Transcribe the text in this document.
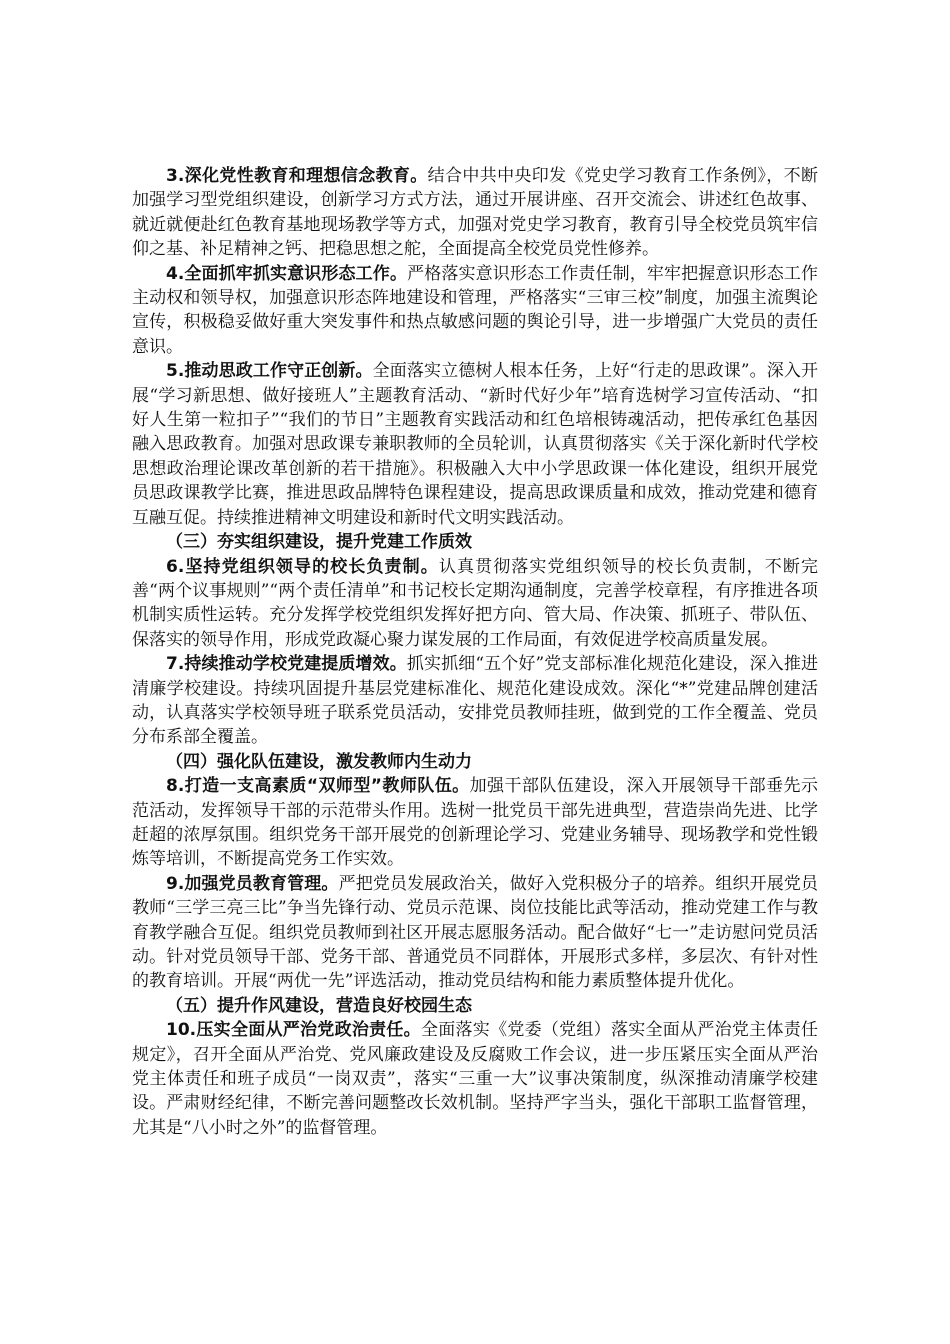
3.深化党性教育和理想信念教育。结合中共中央印发《党史学习教育工作条例》，不断加强学习型党组织建设，创新学习方式方法，通过开展讲座、召开交流会、讲述红色故事、就近就便赴红色教育基地现场教学等方式，加强对党史学习教育，教育引导全校党员筑牢信仰之基、补足精神之钙、把稳思想之舵，全面提高全校党员党性修养。

4.全面抓牢抓实意识形态工作。严格落实意识形态工作责任制，牢牢把握意识形态工作主动权和领导权，加强意识形态阵地建设和管理，严格落实“三审三校”制度，加强主流舆论宣传，积极稳妥做好重大突发事件和热点敏感问题的舆论引导，进一步增强广大党员的责任意识。

5.推动思政工作守正创新。全面落实立德树人根本任务，上好“行走的思政课”。深入开展“学习新思想、做好接班人”主题教育活动、“新时代好少年”培育选树学习宣传活动、“扣好人生第一粒扣子”“我们的节日”主题教育实践活动和红色培根铸魂活动，把传承红色基因融入思政教育。加强对思政课专兼职教师的全员轮训，认真贯彻落实《关于深化新时代学校思想政治理论课改革创新的若干措施》。积极融入大中小学思政课一体化建设，组织开展党员思政课教学比赛，推进思政品牌特色课程建设，提高思政课质量和成效，推动党建和德育互融互促。持续推进精神文明建设和新时代文明实践活动。

（三）夯实组织建设，提升党建工作质效

6.坚持党组织领导的校长负责制。认真贯彻落实党组织领导的校长负责制，不断完善“两个议事规则”“两个责任清单”和书记校长定期沟通制度，完善学校章程，有序推进各项机制实质性运转。充分发挥学校党组织发挥好把方向、管大局、作决策、抓班子、带队伍、保落实的领导作用，形成党政凝心聚力谋发展的工作局面，有效促进学校高质量发展。

7.持续推动学校党建提质增效。抓实抓细“五个好”党支部标准化规范化建设，深入推进清廉学校建设。持续巩固提升基层党建标准化、规范化建设成效。深化“*”党建品牌创建活动，认真落实学校领导班子联系党员活动，安排党员教师挂班，做到党的工作全覆盖、党员分布系部全覆盖。

（四）强化队伍建设，激发教师内生动力

8.打造一支高素质“双师型”教师队伍。加强干部队伍建设，深入开展领导干部垂先示范活动，发挥领导干部的示范带头作用。选树一批党员干部先进典型，营造崇尚先进、比学赶超的浓厚氛围。组织党务干部开展党的创新理论学习、党建业务辅导、现场教学和党性锻炼等培训，不断提高党务工作实效。

9.加强党员教育管理。严把党员发展政治关，做好入党积极分子的培养。组织开展党员教师“三学三亮三比”争当先锋行动、党员示范课、岗位技能比武等活动，推动党建工作与教育教学融合互促。组织党员教师到社区开展志愿服务活动。配合做好“七一”走访慰问党员活动。针对党员领导干部、党务干部、普通党员不同群体，开展形式多样，多层次、有针对性的教育培训。开展“两优一先”评选活动，推动党员结构和能力素质整体提升优化。

（五）提升作风建设，营造良好校园生态

10.压实全面从严治党政治责任。全面落实《党委（党组）落实全面从严治党主体责任规定》，召开全面从严治党、党风廉政建设及反腐败工作会议，进一步压紧压实全面从严治党主体责任和班子成员“一岗双责”，落实“三重一大”议事决策制度，纵深推动清廉学校建设。严肃财经纪律，不断完善问题整改长效机制。坚持严字当头，强化干部职工监督管理，尤其是“八小时之外”的监督管理。
